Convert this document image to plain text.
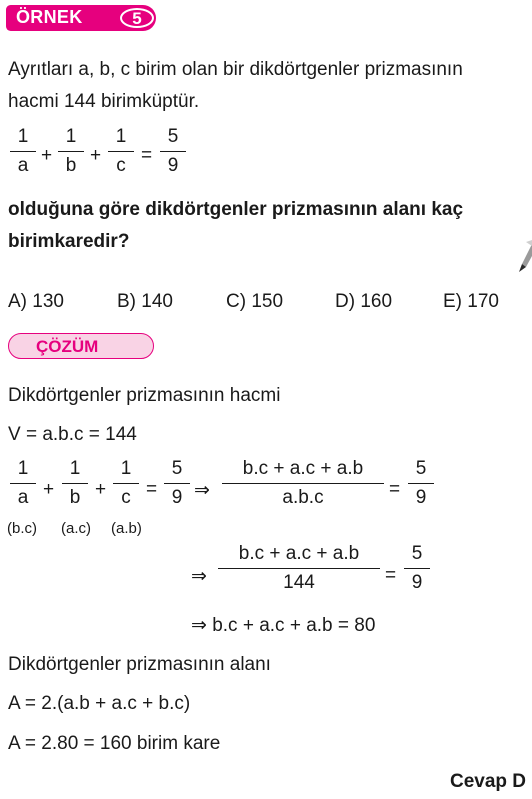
ÖRNEK	5
Ayrıtları a, b, c birim olan bir dikdörtgenler prizmasının
hacmi 144 birimküptür.
1
a +
1
b +
1
c =
5
9
olduğuna göre dikdörtgenler prizmasının alanı kaç
birimkaredir?
A) 130	B) 140	C) 150	D) 160	E) 170
ÇÖZÜM
Dikdörtgenler prizmasının hacmi
V = a.b.c = 144
1
a +
1
b +
1
c =
5
9 ⇒
b.c + a.c + a.b
a.b.c	=
5
9
(b.c) (a.c) (a.b)
⇒
b.c + a.c + a.b
144	=
5
9
⇒ b.c + a.c + a.b = 80
Dikdörtgenler prizmasının alanı
A = 2.(a.b + a.c + b.c)
A = 2.80 = 160 birim kare
Cevap D
